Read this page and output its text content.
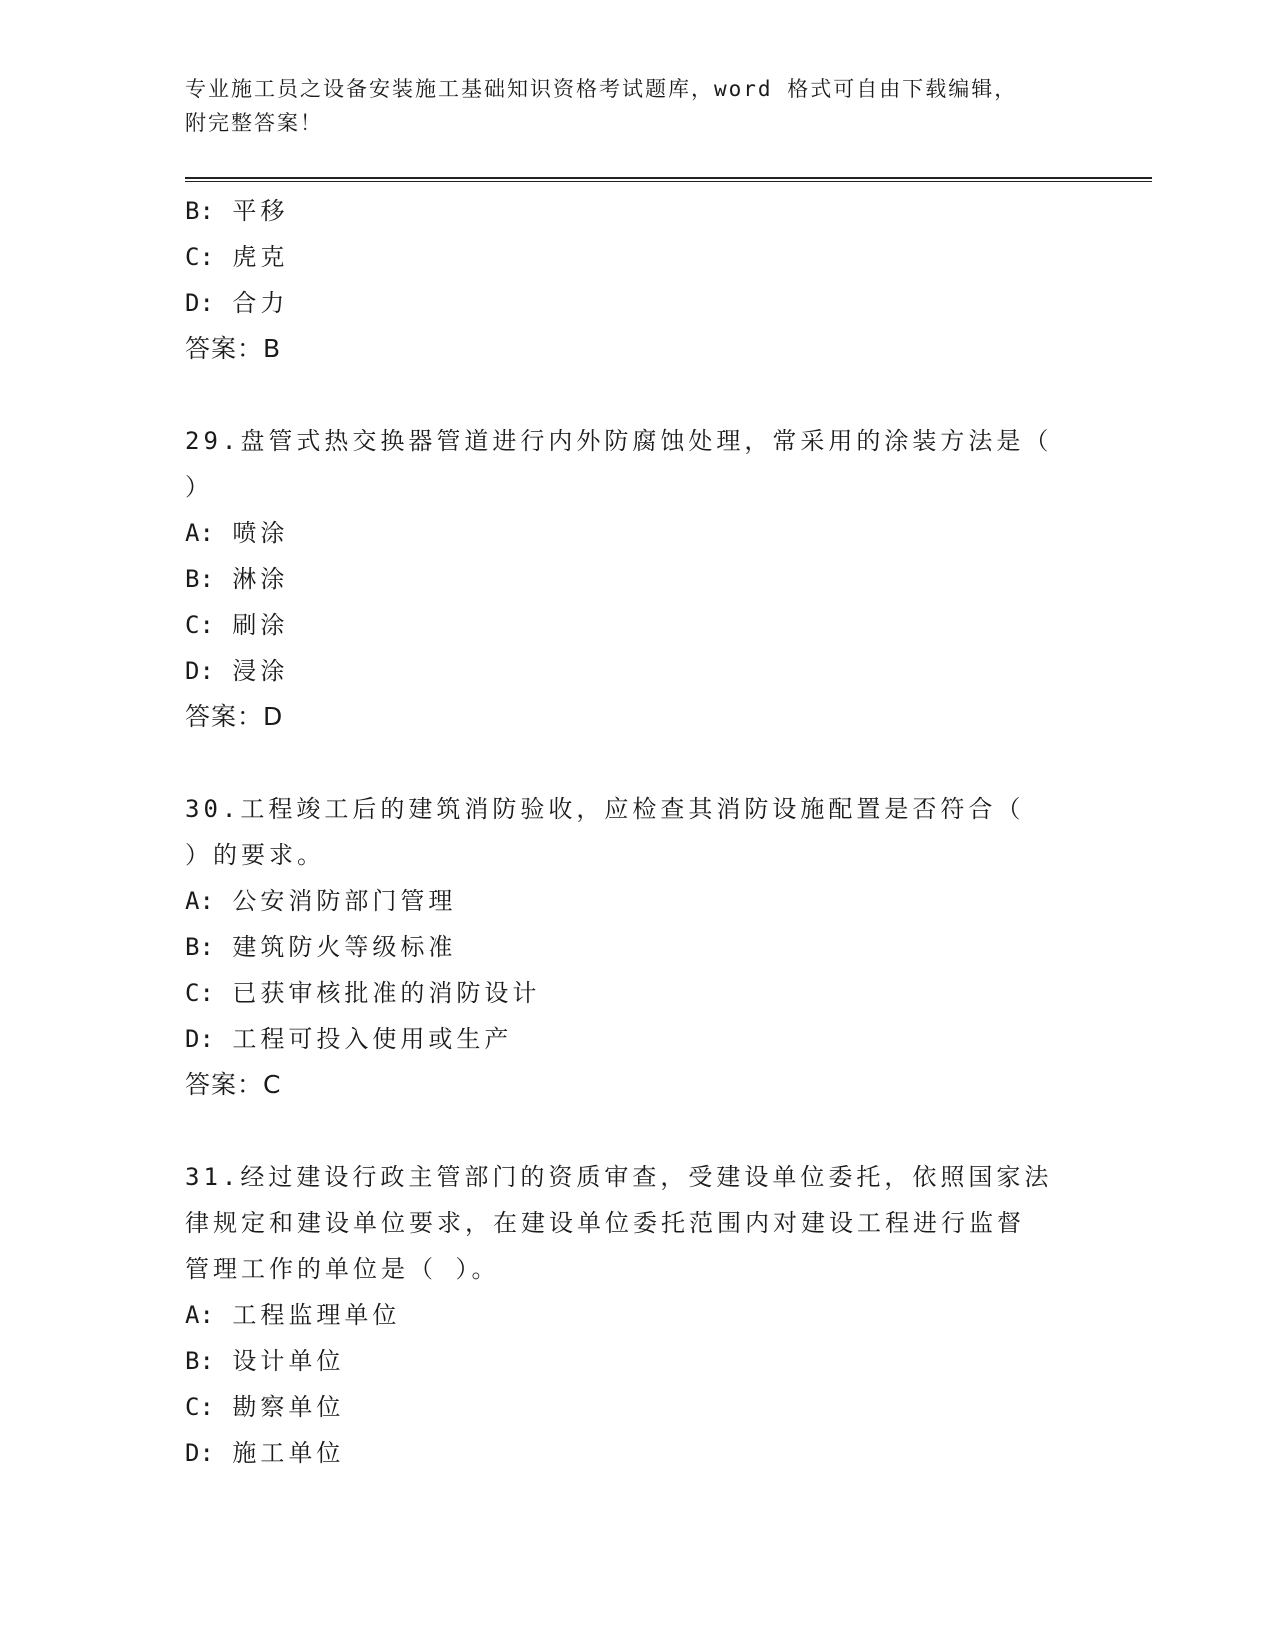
专业施工员之设备安装施工基础知识资格考试题库，word 格式可自由下载编辑，
附完整答案！
B: 平移
C: 虎克
D: 合力
答案：B
29.盘管式热交换器管道进行内外防腐蚀处理，常采用的涂装方法是（
）
A: 喷涂
B: 淋涂
C: 刷涂
D: 浸涂
答案：D
30.工程竣工后的建筑消防验收，应检查其消防设施配置是否符合（
）的要求。
A: 公安消防部门管理
B: 建筑防火等级标准
C: 已获审核批准的消防设计
D: 工程可投入使用或生产
答案：C
31.经过建设行政主管部门的资质审查，受建设单位委托，依照国家法
律规定和建设单位要求，在建设单位委托范围内对建设工程进行监督
管理工作的单位是（ ）。
A: 工程监理单位
B: 设计单位
C: 勘察单位
D: 施工单位
